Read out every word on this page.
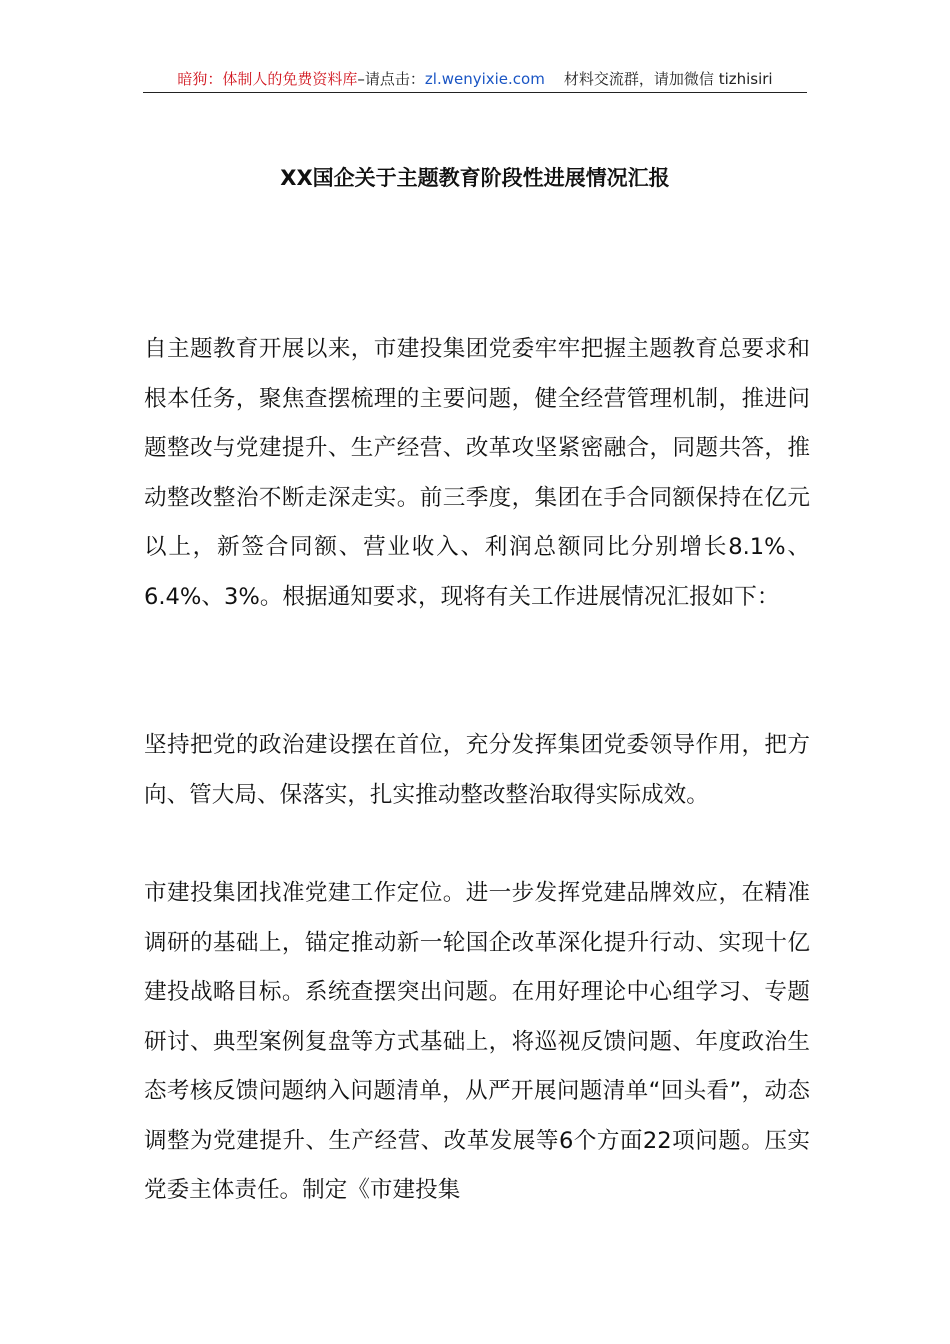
暗狗：体制人的免费资料库–请点击：zl.wenyixie.com 材料交流群，请加微信 tizhisiri
XX国企关于主题教育阶段性进展情况汇报

自主题教育开展以来，市建投集团党委牢牢把握主题教育总要求和根本任务，聚焦查摆梳理的主要问题，健全经营管理机制，推进问题整改与党建提升、生产经营、改革攻坚紧密融合，同题共答，推动整改整治不断走深走实。前三季度，集团在手合同额保持在亿元以上，新签合同额、营业收入、利润总额同比分别增长8.1%、6.4%、3%。根据通知要求，现将有关工作进展情况汇报如下：

坚持把党的政治建设摆在首位，充分发挥集团党委领导作用，把方向、管大局、保落实，扎实推动整改整治取得实际成效。

市建投集团找准党建工作定位。进一步发挥党建品牌效应，在精准调研的基础上，锚定推动新一轮国企改革深化提升行动、实现十亿建投战略目标。系统查摆突出问题。在用好理论中心组学习、专题研讨、典型案例复盘等方式基础上，将巡视反馈问题、年度政治生态考核反馈问题纳入问题清单，从严开展问题清单“回头看”，动态调整为党建提升、生产经营、改革发展等6个方面22项问题。压实党委主体责任。制定《市建投集
